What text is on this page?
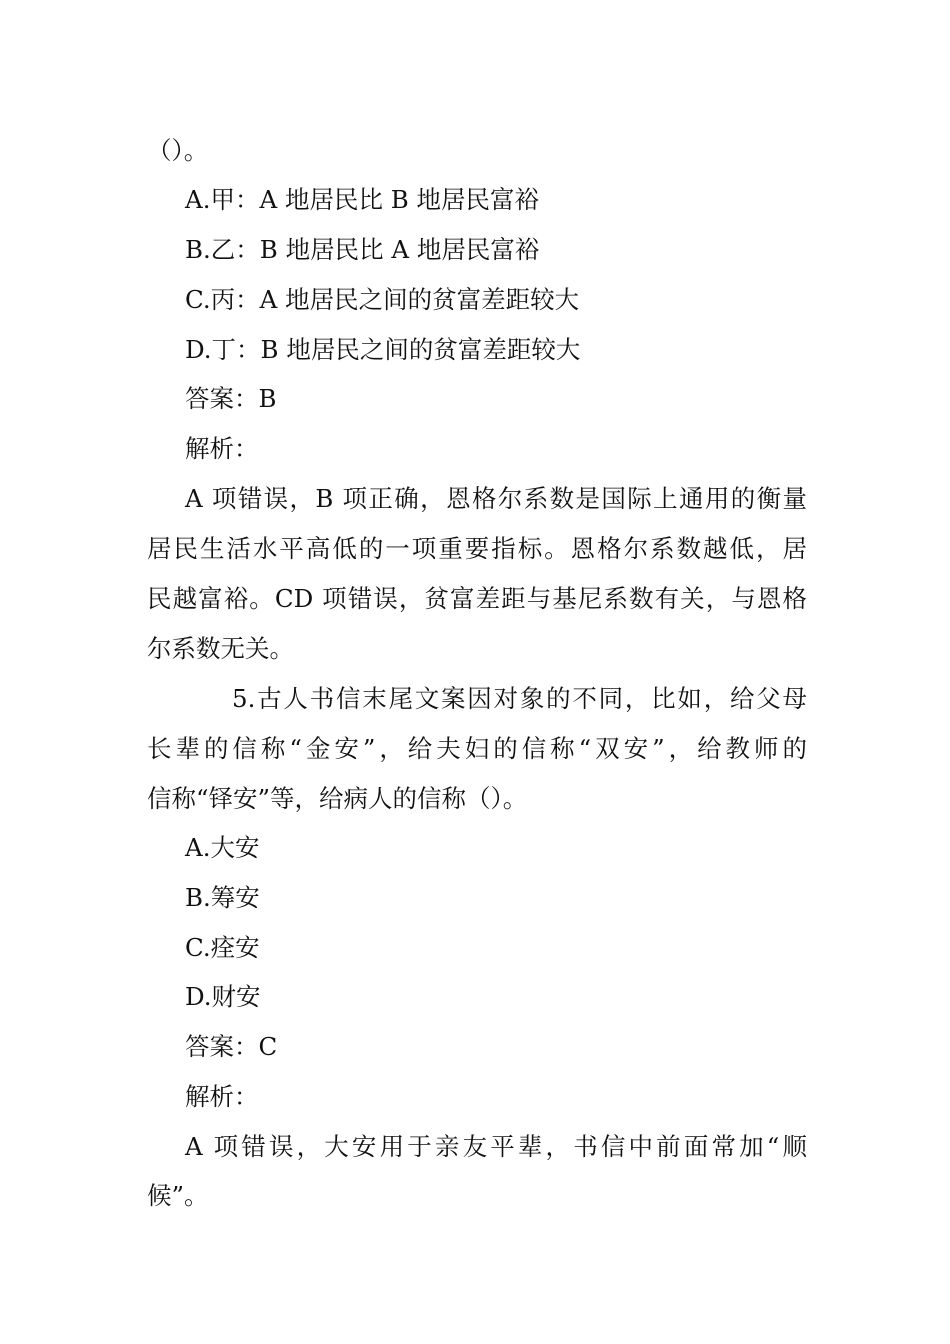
（）。
A.甲：A 地居民比 B 地居民富裕
B.乙：B 地居民比 A 地居民富裕
C.丙：A 地居民之间的贫富差距较大
D.丁：B 地居民之间的贫富差距较大
答案：B
解析：
A 项错误，B 项正确，恩格尔系数是国际上通用的衡量
居民生活水平高低的一项重要指标。恩格尔系数越低，居
民越富裕。CD 项错误，贫富差距与基尼系数有关，与恩格
尔系数无关。
5.古人书信末尾文案因对象的不同，比如，给父母
长辈的信称“金安”，给夫妇的信称“双安”，给教师的
信称“铎安”等，给病人的信称（）。
A.大安
B.筹安
C.痊安
D.财安
答案：C
解析：
A 项错误，大安用于亲友平辈，书信中前面常加“顺
候”。
